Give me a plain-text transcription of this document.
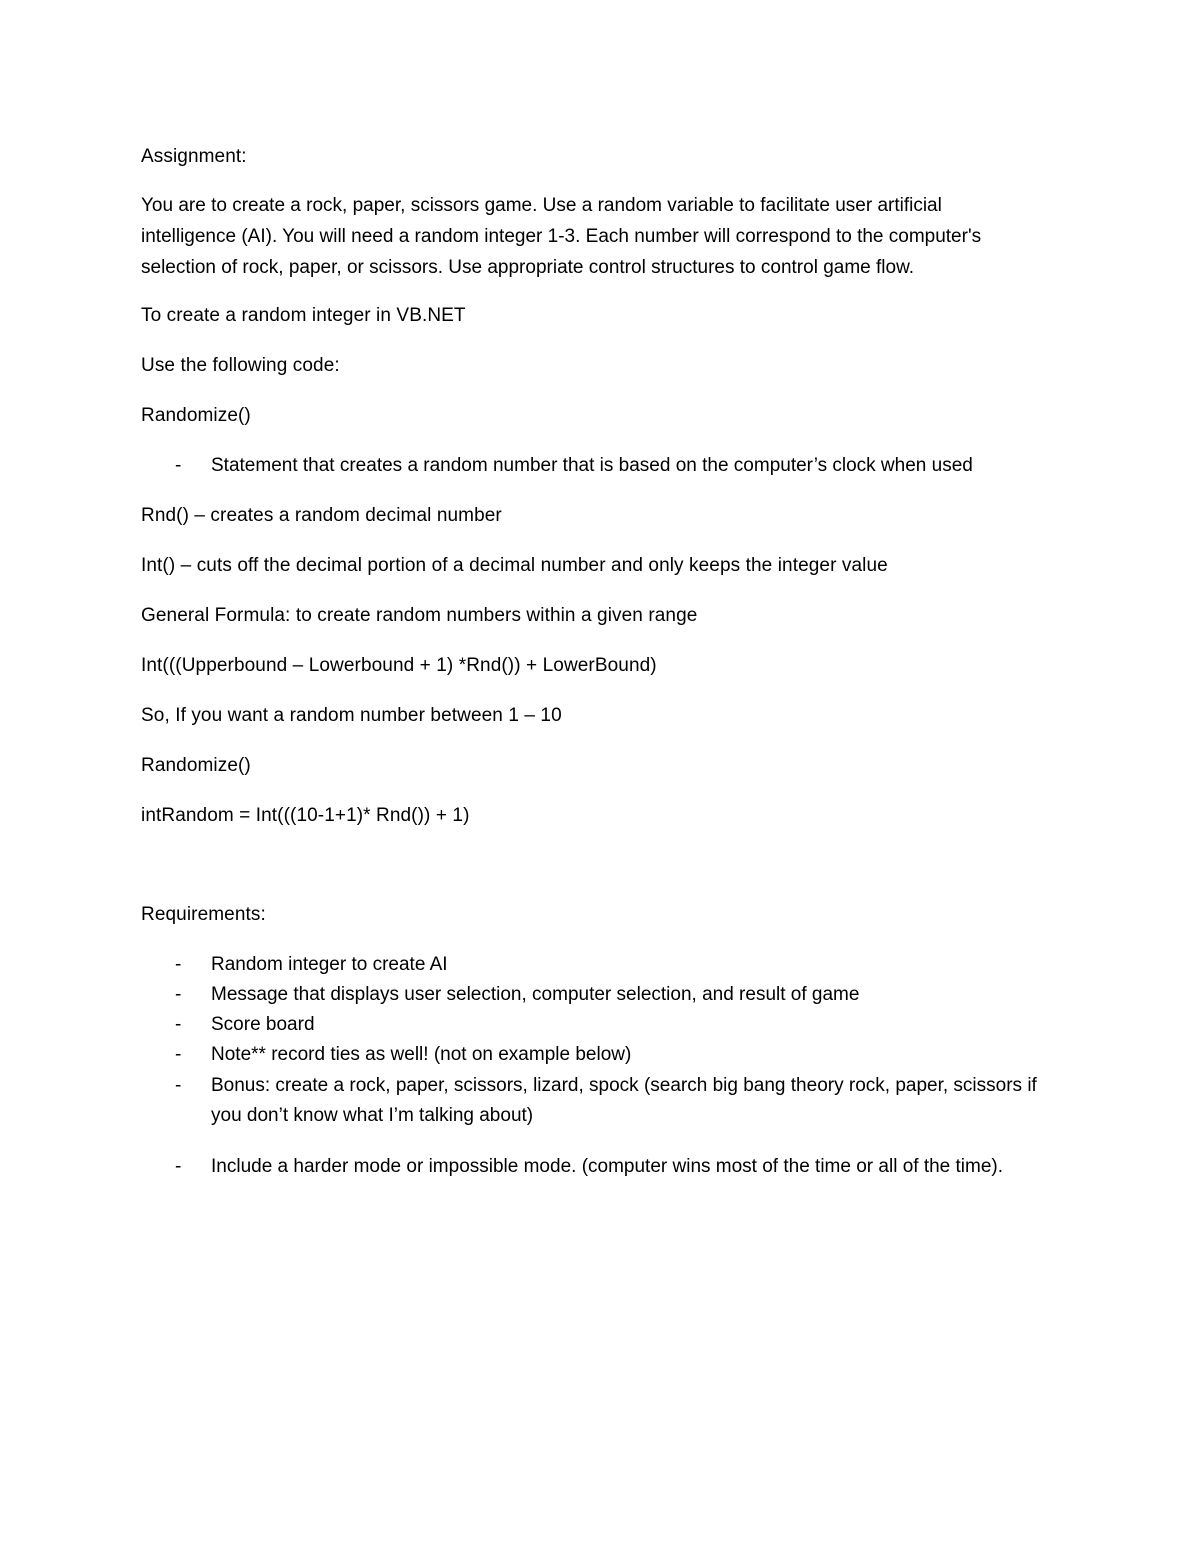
Assignment:
You are to create a rock, paper, scissors game. Use a random variable to facilitate user artificial
intelligence (AI). You will need a random integer 1-3. Each number will correspond to the computer's
selection of rock, paper, or scissors. Use appropriate control structures to control game flow.
To create a random integer in VB.NET
Use the following code:
Randomize()
- Statement that creates a random number that is based on the computer’s clock when used
Rnd() – creates a random decimal number
Int() – cuts off the decimal portion of a decimal number and only keeps the integer value
General Formula: to create random numbers within a given range
Int(((Upperbound – Lowerbound + 1) *Rnd()) + LowerBound)
So, If you want a random number between 1 – 10
Randomize()
intRandom = Int(((10-1+1)* Rnd()) + 1)
Requirements:
- Random integer to create AI
- Message that displays user selection, computer selection, and result of game
- Score board
- Note** record ties as well! (not on example below)
- Bonus: create a rock, paper, scissors, lizard, spock (search big bang theory rock, paper, scissors if
you don’t know what I’m talking about)
- Include a harder mode or impossible mode. (computer wins most of the time or all of the time).
